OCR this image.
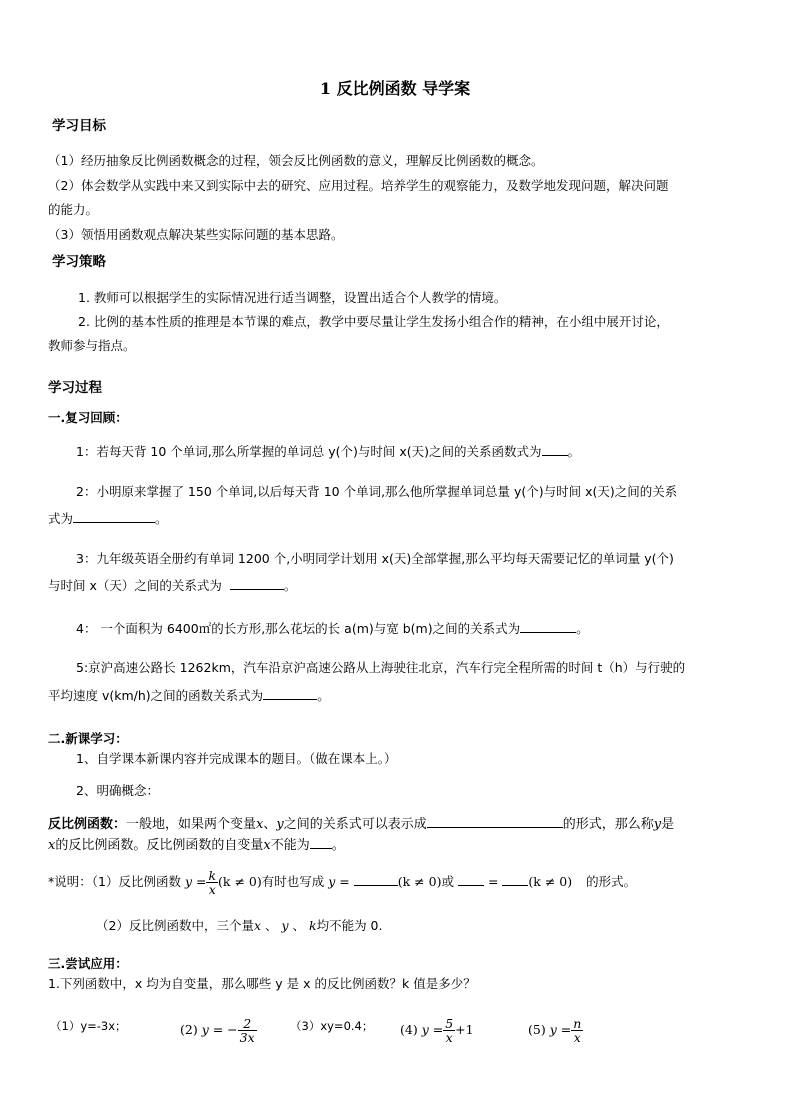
1 反比例函数 导学案
学习目标
（1）经历抽象反比例函数概念的过程，领会反比例函数的意义，理解反比例函数的概念。
（2）体会数学从实践中来又到实际中去的研究、应用过程。培养学生的观察能力，及数学地发现问题，解决问题
的能力。
（3）领悟用函数观点解决某些实际问题的基本思路。
学习策略
1. 教师可以根据学生的实际情况进行适当调整，设置出适合个人教学的情境。
2. 比例的基本性质的推理是本节课的难点，教学中要尽量让学生发扬小组合作的精神，在小组中展开讨论，
教师参与指点。
学习过程
一.复习回顾：
1：若每天背 10 个单词,那么所掌握的单词总 y(个)与时间 x(天)之间的关系函数式为 。
2：小明原来掌握了 150 个单词,以后每天背 10 个单词,那么他所掌握单词总量 y(个)与时间 x(天)之间的关系
式为	。
3：九年级英语全册约有单词 1200 个,小明同学计划用 x(天)全部掌握,那么平均每天需要记忆的单词量 y(个)
与时间 x（天）之间的关系式为	。
4： 一个面积为 6400㎡的长方形,那么花坛的长 a(m)与宽 b(m)之间的关系式为	。
5:京沪高速公路长 1262km，汽车沿京沪高速公路从上海驶往北京，汽车行完全程所需的时间 t（h）与行驶的
平均速度 v(km/h)之间的函数关系式为	。
二.新课学习：
1、自学课本新课内容并完成课本的题目。（做在课本上。）
2、明确概念：
反比例函数：一般地，如果两个变量x、y之间的关系式可以表示成	的形式，那么称y是
x的反比例函数。反比例函数的自变量x不能为 。
*说明：（1）反比例函数 $y = \frac{k}{x} (k \ne 0)$有时也写成 y =	(k ≠ 0)或	= (k ≠ 0) 的形式。
（2）反比例函数中，三个量x 、 y 、 k均不能为 0.
三.尝试应用：
1.下列函数中，x 均为自变量，那么哪些 y 是 x 的反比例函数？k 值是多少？
（1）y=-3x；	(2) y = − $\frac{2}{3x}$	（3）xy=0.4； (4) $y = \frac{5}{x} +1$	(5) $y = \frac{n}{x}$
